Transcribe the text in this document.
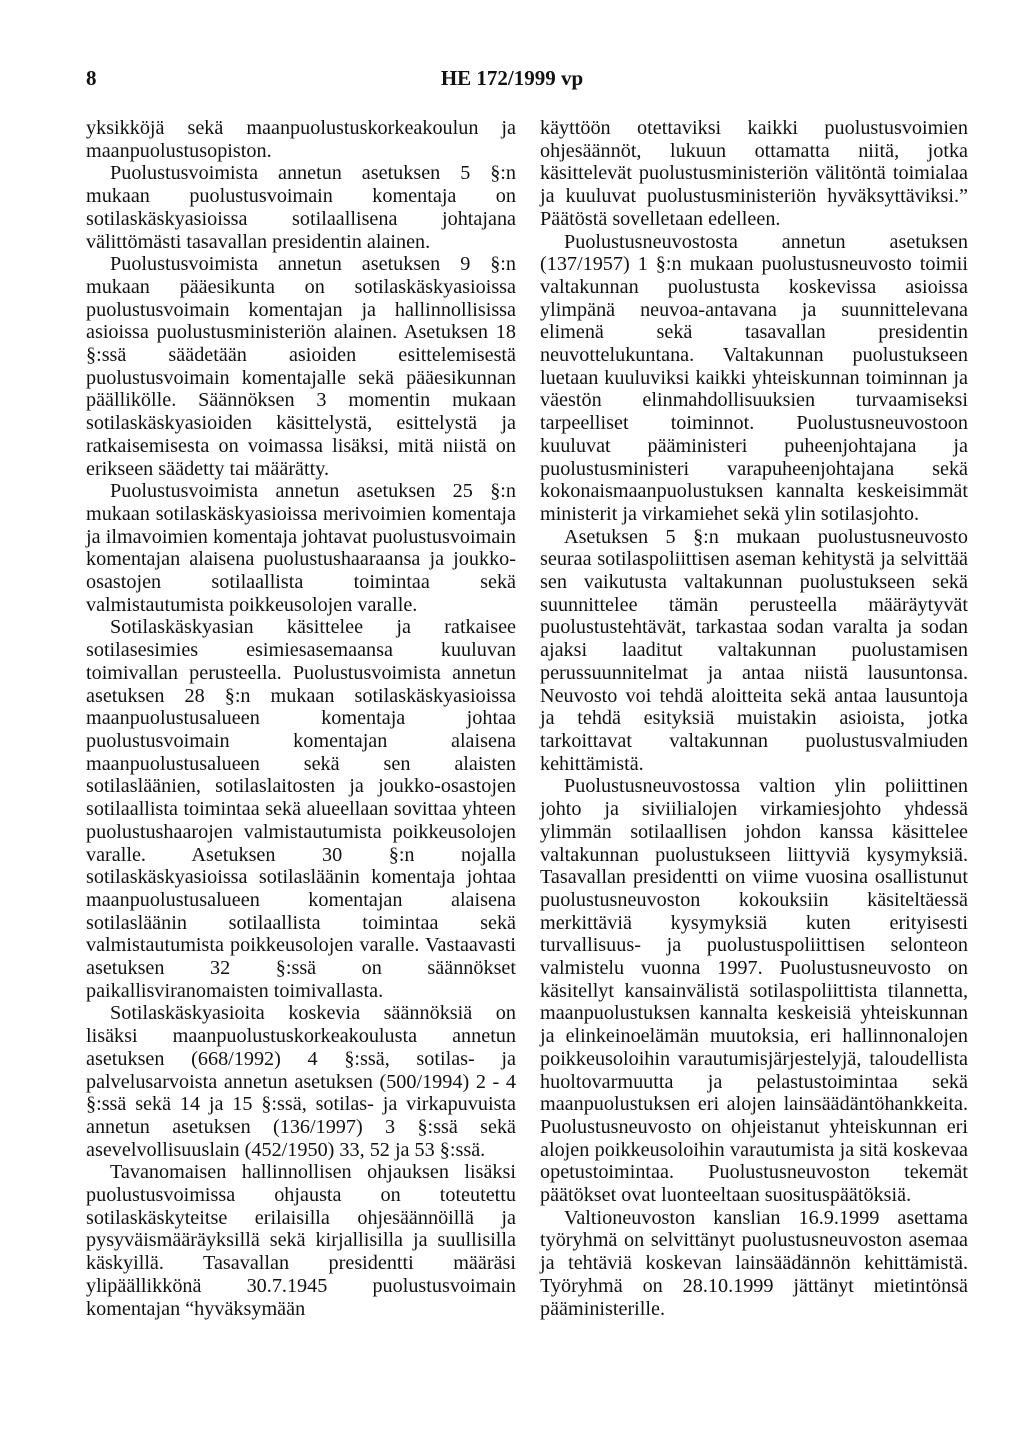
8	HE 172/1999 vp

yksikköjä sekä maanpuolustuskorkeakoulun ja maanpuolustusopiston.

Puolustusvoimista annetun asetuksen 5 §:n mukaan puolustusvoimain komentaja on sotilaskäskyasioissa sotilaallisena johtajana välittömästi tasavallan presidentin alainen.

Puolustusvoimista annetun asetuksen 9 §:n mukaan pääesikunta on sotilaskäskyasioissa puolustusvoimain komentajan ja hallinnollisissa asioissa puolustusministeriön alainen. Asetuksen 18 §:ssä säädetään asioiden esittelemisestä puolustusvoimain komentajalle sekä pääesikunnan päällikölle. Säännöksen 3 momentin mukaan sotilaskäskyasioiden käsittelystä, esittelystä ja ratkaisemisesta on voimassa lisäksi, mitä niistä on erikseen säädetty tai määrätty.

Puolustusvoimista annetun asetuksen 25 §:n mukaan sotilaskäskyasioissa merivoimien komentaja ja ilmavoimien komentaja johtavat puolustusvoimain komentajan alaisena puolustushaaraansa ja joukko-osastojen sotilaallista toimintaa sekä valmistautumista poikkeusolojen varalle.

Sotilaskäskyasian käsittelee ja ratkaisee sotilasesimies esimiesasemaansa kuuluvan toimivallan perusteella. Puolustusvoimista annetun asetuksen 28 §:n mukaan sotilaskäskyasioissa maanpuolustusalueen komentaja johtaa puolustusvoimain komentajan alaisena maanpuolustusalueen sekä sen alaisten sotilasläänien, sotilaslaitosten ja joukko-osastojen sotilaallista toimintaa sekä alueellaan sovittaa yhteen puolustushaarojen valmistautumista poikkeusolojen varalle. Asetuksen 30 §:n nojalla sotilaskäskyasioissa sotilasläänin komentaja johtaa maanpuolustusalueen komentajan alaisena sotilasläänin sotilaallista toimintaa sekä valmistautumista poikkeusolojen varalle. Vastaavasti asetuksen 32 §:ssä on säännökset paikallisviranomaisten toimivallasta.

Sotilaskäskyasioita koskevia säännöksiä on lisäksi maanpuolustuskorkeakoulusta annetun asetuksen (668/1992) 4 §:ssä, sotilas- ja palvelusarvoista annetun asetuksen (500/1994) 2 - 4 §:ssä sekä 14 ja 15 §:ssä, sotilas- ja virkapuvuista annetun asetuksen (136/1997) 3 §:ssä sekä asevelvollisuuslain (452/1950) 33, 52 ja 53 §:ssä.

Tavanomaisen hallinnollisen ohjauksen lisäksi puolustusvoimissa ohjausta on toteutettu sotilaskäskyteitse erilaisilla ohjesäännöillä ja pysyväismääräyksillä sekä kirjallisilla ja suullisilla käskyillä. Tasavallan presidentti määräsi ylipäällikkönä 30.7.1945 puolustusvoimain komentajan “hyväksymään

käyttöön otettaviksi kaikki puolustusvoimien ohjesäännöt, lukuun ottamatta niitä, jotka käsittelevät puolustusministeriön välitöntä toimialaa ja kuuluvat puolustusministeriön hyväksyttäviksi.” Päätöstä sovelletaan edelleen.

Puolustusneuvostosta annetun asetuksen (137/1957) 1 §:n mukaan puolustusneuvosto toimii valtakunnan puolustusta koskevissa asioissa ylimpänä neuvoa-antavana ja suunnittelevana elimenä sekä tasavallan presidentin neuvottelukuntana. Valtakunnan puolustukseen luetaan kuuluviksi kaikki yhteiskunnan toiminnan ja väestön elinmahdollisuuksien turvaamiseksi tarpeelliset toiminnot. Puolustusneuvostoon kuuluvat pääministeri puheenjohtajana ja puolustusministeri varapuheenjohtajana sekä kokonaismaanpuolustuksen kannalta keskeisimmät ministerit ja virkamiehet sekä ylin sotilasjohto.

Asetuksen 5 §:n mukaan puolustusneuvosto seuraa sotilaspoliittisen aseman kehitystä ja selvittää sen vaikutusta valtakunnan puolustukseen sekä suunnittelee tämän perusteella määräytyvät puolustustehtävät, tarkastaa sodan varalta ja sodan ajaksi laaditut valtakunnan puolustamisen perussuunnitelmat ja antaa niistä lausuntonsa. Neuvosto voi tehdä aloitteita sekä antaa lausuntoja ja tehdä esityksiä muistakin asioista, jotka tarkoittavat valtakunnan puolustusvalmiuden kehittämistä.

Puolustusneuvostossa valtion ylin poliittinen johto ja siviilialojen virkamiesjohto yhdessä ylimmän sotilaallisen johdon kanssa käsittelee valtakunnan puolustukseen liittyviä kysymyksiä. Tasavallan presidentti on viime vuosina osallistunut puolustusneuvoston kokouksiin käsiteltäessä merkittäviä kysymyksiä kuten erityisesti turvallisuus- ja puolustuspoliittisen selonteon valmistelu vuonna 1997. Puolustusneuvosto on käsitellyt kansainvälistä sotilaspoliittista tilannetta, maanpuolustuksen kannalta keskeisiä yhteiskunnan ja elinkeinoelämän muutoksia, eri hallinnonalojen poikkeusoloihin varautumisjärjestelyjä, taloudellista huoltovarmuutta ja pelastustoimintaa sekä maanpuolustuksen eri alojen lainsäädäntöhankkeita. Puolustusneuvosto on ohjeistanut yhteiskunnan eri alojen poikkeusoloihin varautumista ja sitä koskevaa opetustoimintaa. Puolustusneuvoston tekemät päätökset ovat luonteeltaan suosituspäätöksiä.

Valtioneuvoston kanslian 16.9.1999 asettama työryhmä on selvittänyt puolustusneuvoston asemaa ja tehtäviä koskevan lainsäädännön kehittämistä. Työryhmä on 28.10.1999 jättänyt mietintönsä pääministerille.
